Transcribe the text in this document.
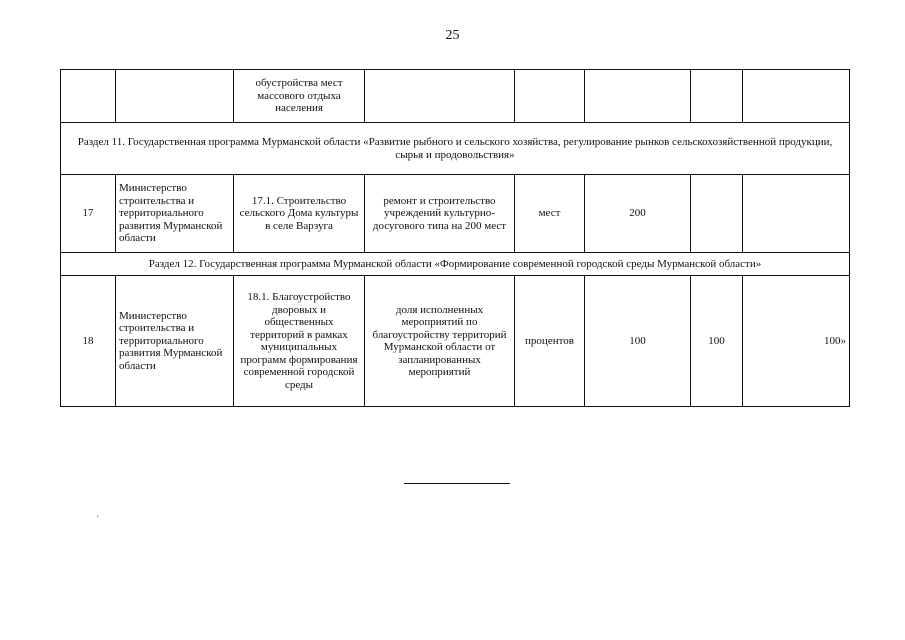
25
		обустройства мест массового отдыха населения					
Раздел 11. Государственная программа Мурманской области «Развитие рыбного и сельского хозяйства, регулирование рынков сельскохозяйственной продукции, сырья и продовольствия»							
17	Министерство строительства и территориального развития Мурманской области	17.1. Строительство сельского Дома культуры в селе Варзуга	ремонт и строительство учреждений культурно-досугового типа на 200 мест	мест	200		
Раздел 12. Государственная программа Мурманской области «Формирование современной городской среды Мурманской области»							
18	Министерство строительства и территориального развития Мурманской области	18.1. Благоустройство дворовых и общественных территорий в рамках муниципальных программ формирования современной городской среды	доля исполненных мероприятий по благоустройству территорий Мурманской области от запланированных мероприятий	процентов	100	100	100»
'
